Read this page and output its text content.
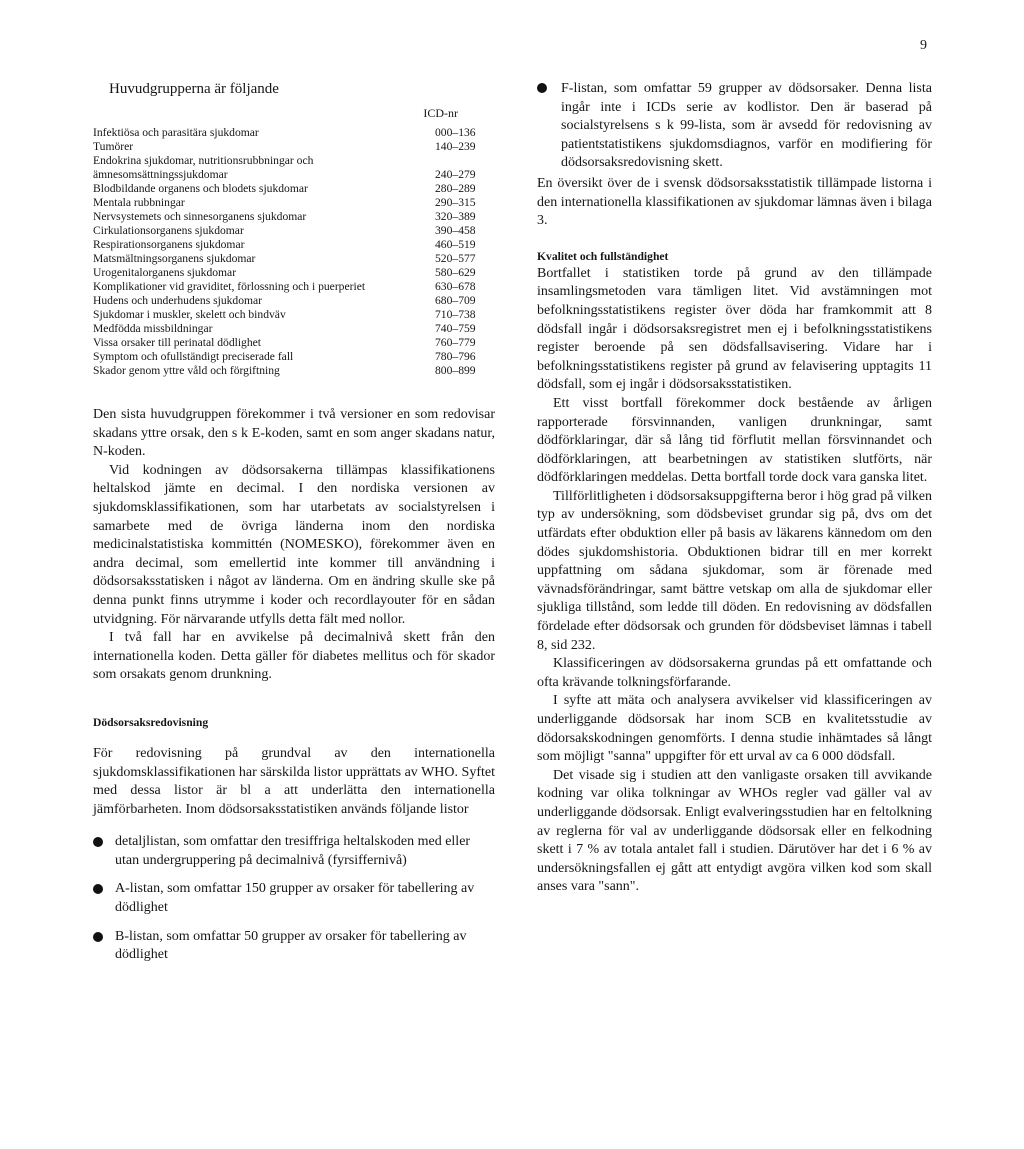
9
Huvudgrupperna är följande
ICD-nr
Infektiösa och parasitära sjukdomar	000–136
Tumörer	140–239
Endokrina sjukdomar, nutritionsrubbningar och ämnesomsättningssjukdomar	240–279
Blodbildande organens och blodets sjukdomar	280–289
Mentala rubbningar	290–315
Nervsystemets och sinnesorganens sjukdomar	320–389
Cirkulationsorganens sjukdomar	390–458
Respirationsorganens sjukdomar	460–519
Matsmältningsorganens sjukdomar	520–577
Urogenitalorganens sjukdomar	580–629
Komplikationer vid graviditet, förlossning och i puerperiet	630–678
Hudens och underhudens sjukdomar	680–709
Sjukdomar i muskler, skelett och bindväv	710–738
Medfödda missbildningar	740–759
Vissa orsaker till perinatal dödlighet	760–779
Symptom och ofullständigt preciserade fall	780–796
Skador genom yttre våld och förgiftning	800–899

Den sista huvudgruppen förekommer i två versioner en som redovisar skadans yttre orsak, den s k E-koden, samt en som anger skadans natur, N-koden.

Vid kodningen av dödsorsakerna tillämpas klassifikationens heltalskod jämte en decimal. I den nordiska versionen av sjukdomsklassifikationen, som har utarbetats av socialstyrelsen i samarbete med de övriga länderna inom den nordiska medicinalstatistiska kommittén (NOMESKO), förekommer även en andra decimal, som emellertid inte kommer till användning i dödsorsaksstatisken i något av länderna. Om en ändring skulle ske på denna punkt finns utrymme i koder och recordlayouter för en sådan utvidgning. För närvarande utfylls detta fält med nollor.

I två fall har en avvikelse på decimalnivå skett från den internationella koden. Detta gäller för diabetes mellitus och för skador som orsakats genom drunkning.

Dödsorsaksredovisning

För redovisning på grundval av den internationella sjukdomsklassifikationen har särskilda listor upprättats av WHO. Syftet med dessa listor är bl a att underlätta den internationella jämförbarheten. Inom dödsorsaksstatistiken används följande listor

detaljlistan, som omfattar den tresiffriga heltalskoden med eller utan undergruppering på decimalnivå (fyrsiffernivå)
A-listan, som omfattar 150 grupper av orsaker för tabellering av dödlighet
B-listan, som omfattar 50 grupper av orsaker för tabellering av dödlighet
F-listan, som omfattar 59 grupper av dödsorsaker. Denna lista ingår inte i ICDs serie av kodlistor. Den är baserad på socialstyrelsens s k 99-lista, som är avsedd för redovisning av patientstatistikens sjukdomsdiagnos, varför en modifiering för dödsorsaksredovisning skett.

En översikt över de i svensk dödsorsaksstatistik tillämpade listorna i den internationella klassifikationen av sjukdomar lämnas även i bilaga 3.

Kvalitet och fullständighet

Bortfallet i statistiken torde på grund av den tillämpade insamlingsmetoden vara tämligen litet. Vid avstämningen mot befolkningsstatistikens register över döda har framkommit att 8 dödsfall ingår i dödsorsaksregistret men ej i befolkningsstatistikens register beroende på sen dödsfallsavisering. Vidare har i befolkningsstatistikens register på grund av felavisering upptagits 11 dödsfall, som ej ingår i dödsorsaksstatistiken.

Ett visst bortfall förekommer dock bestående av årligen rapporterade försvinnanden, vanligen drunkningar, samt dödförklaringar, där så lång tid förflutit mellan försvinnandet och dödförklaringen, att bearbetningen av statistiken slutförts, när dödförklaringen meddelas. Detta bortfall torde dock vara ganska litet.

Tillförlitligheten i dödsorsaksuppgifterna beror i hög grad på vilken typ av undersökning, som dödsbeviset grundar sig på, dvs om det utfärdats efter obduktion eller på basis av läkarens kännedom om den dödes sjukdomshistoria. Obduktionen bidrar till en mer korrekt uppfattning om sådana sjukdomar, som är förenade med vävnadsförändringar, samt bättre vetskap om alla de sjukdomar eller sjukliga tillstånd, som ledde till döden. En redovisning av dödsfallen fördelade efter dödsorsak och grunden för dödsbeviset lämnas i tabell 8, sid 232.

Klassificeringen av dödsorsakerna grundas på ett omfattande och ofta krävande tolkningsförfarande.

I syfte att mäta och analysera avvikelser vid klassificeringen av underliggande dödsorsak har inom SCB en kvalitetsstudie av dödorsakskodningen genomförts. I denna studie inhämtades så långt som möjligt "sanna" uppgifter för ett urval av ca 6 000 dödsfall.

Det visade sig i studien att den vanligaste orsaken till avvikande kodning var olika tolkningar av WHOs regler vad gäller val av underliggande dödsorsak. Enligt evalveringsstudien har en feltolkning av reglerna för val av underliggande dödsorsak eller en felkodning skett i 7 % av totala antalet fall i studien. Därutöver har det i 6 % av undersökningsfallen ej gått att entydigt avgöra vilken kod som skall anses vara "sann".
